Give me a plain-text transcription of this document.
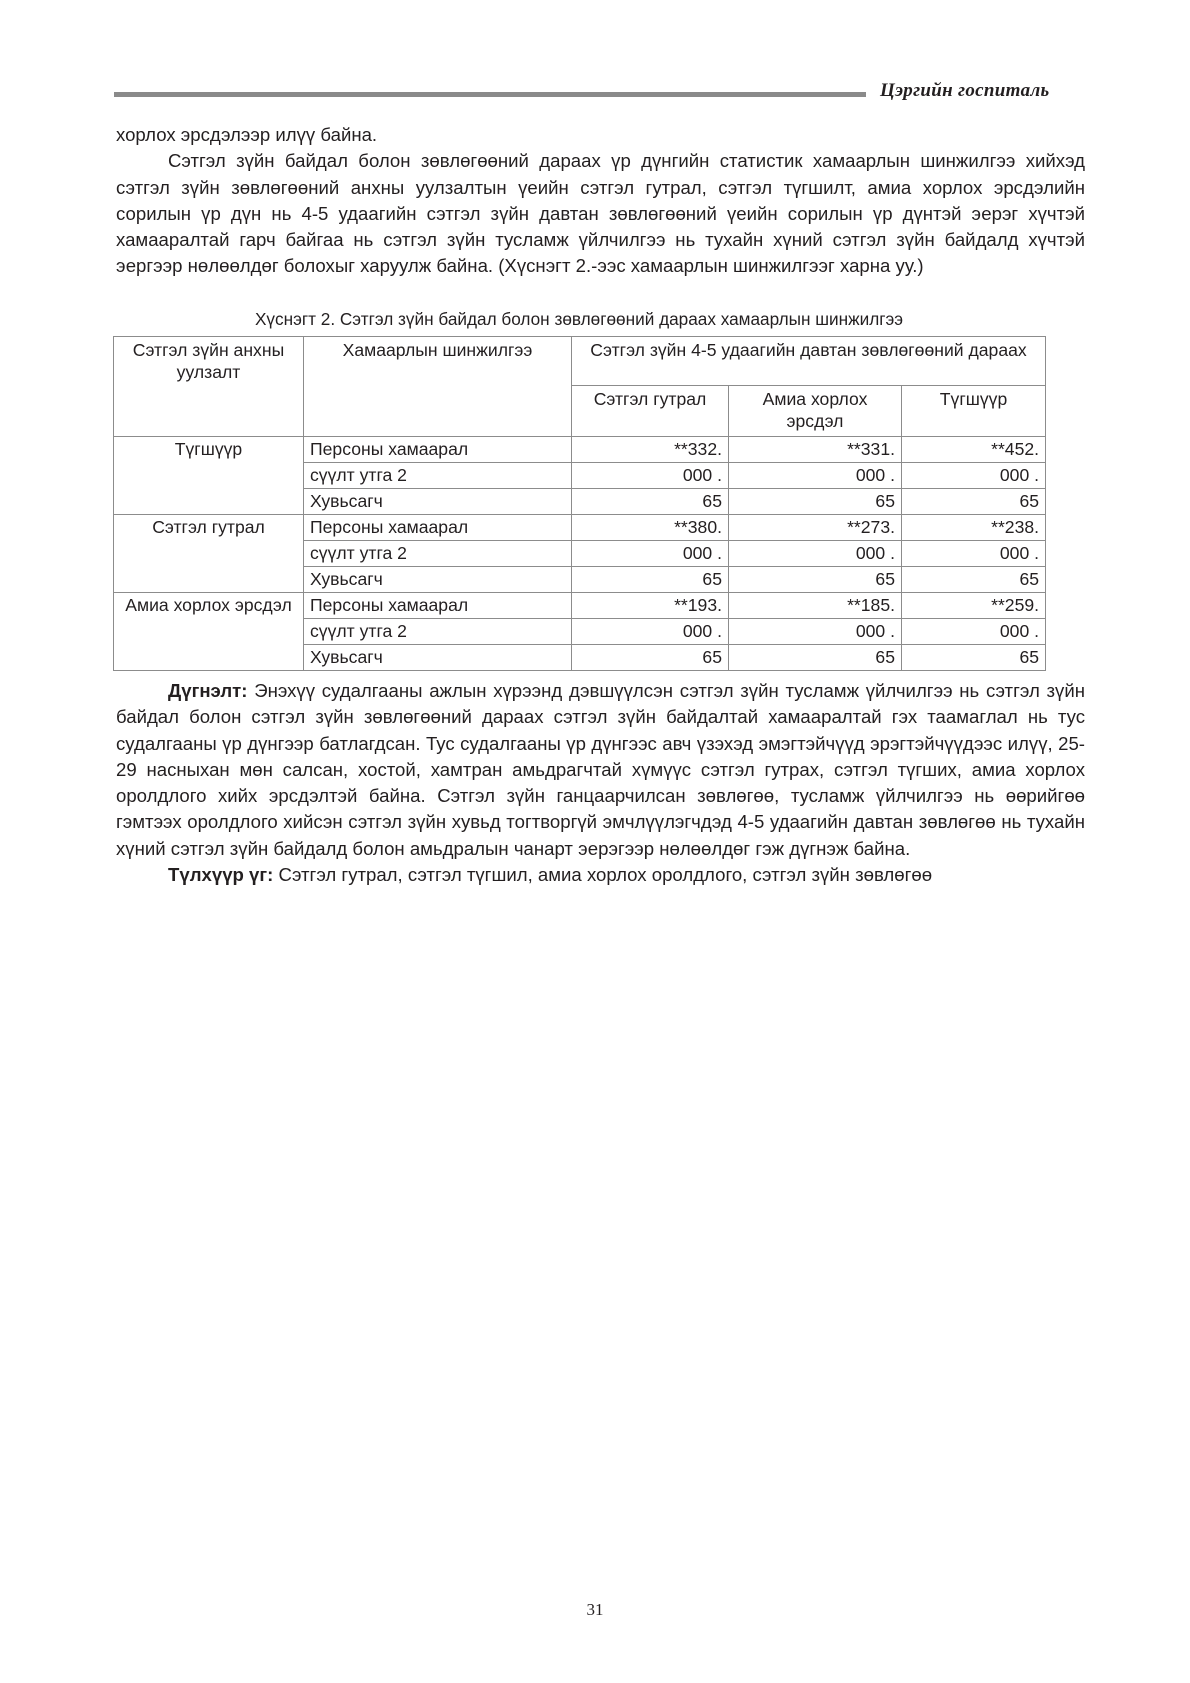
Цэргийн госпиталь

хорлох эрсдэлээр илүү байна.

Сэтгэл зүйн байдал болон зөвлөгөөний дараах үр дүнгийн статистик хамаарлын шинжилгээ хийхэд сэтгэл зүйн зөвлөгөөний анхны уулзалтын үеийн сэтгэл гутрал, сэтгэл түгшилт, амиа хорлох эрсдэлийн сорилын үр дүн нь 4-5 удаагийн сэтгэл зүйн давтан зөвлөгөөний үеийн сорилын үр дүнтэй эерэг хүчтэй хамааралтай гарч байгаа нь сэтгэл зүйн тусламж үйлчилгээ нь тухайн хүний сэтгэл зүйн байдалд хүчтэй эергээр нөлөөлдөг болохыг харуулж байна. (Хүснэгт 2.-ээс хамаарлын шинжилгээг харна уу.)

Хүснэгт 2. Сэтгэл зүйн байдал болон зөвлөгөөний дараах хамаарлын шинжилгээ
Сэтгэл зүйн анхны уулзалт	Хамаарлын шинжилгээ	Сэтгэл зүйн 4-5 удаагийн давтан зөвлөгөөний дараах		
		Сэтгэл гутрал	Амиа хорлох эрсдэл	Түгшүүр
Түгшүүр	Персоны хамаарал	**332.	**331.	**452.
	сүүлт утга 2	000 .	000 .	000 .
	Хувьсагч	65	65	65
Сэтгэл гутрал	Персоны хамаарал	**380.	**273.	**238.
	сүүлт утга 2	000 .	000 .	000 .
	Хувьсагч	65	65	65
Амиа хорлох эрсдэл	Персоны хамаарал	**193.	**185.	**259.
	сүүлт утга 2	000 .	000 .	000 .
	Хувьсагч	65	65	65

Дүгнэлт: Энэхүү судалгааны ажлын хүрээнд дэвшүүлсэн сэтгэл зүйн тусламж үйлчилгээ нь сэтгэл зүйн байдал болон сэтгэл зүйн зөвлөгөөний дараах сэтгэл зүйн байдалтай хамааралтай гэх таамаглал нь тус судалгааны үр дүнгээр батлагдсан. Тус судалгааны үр дүнгээс авч үзэхэд эмэгтэйчүүд эрэгтэйчүүдээс илүү, 25-29 насныхан мөн салсан, хостой, хамтран амьдрагчтай хүмүүс сэтгэл гутрах, сэтгэл түгших, амиа хорлох оролдлого хийх эрсдэлтэй байна. Сэтгэл зүйн ганцаарчилсан зөвлөгөө, тусламж үйлчилгээ нь өөрийгөө гэмтээх оролдлого хийсэн сэтгэл зүйн хувьд тогтворгүй эмчлүүлэгчдэд 4-5 удаагийн давтан зөвлөгөө нь тухайн хүний сэтгэл зүйн байдалд болон амьдралын чанарт эерэгээр нөлөөлдөг гэж дүгнэж байна.

Түлхүүр үг: Сэтгэл гутрал, сэтгэл түгшил, амиа хорлох оролдлого, сэтгэл зүйн зөвлөгөө

31
